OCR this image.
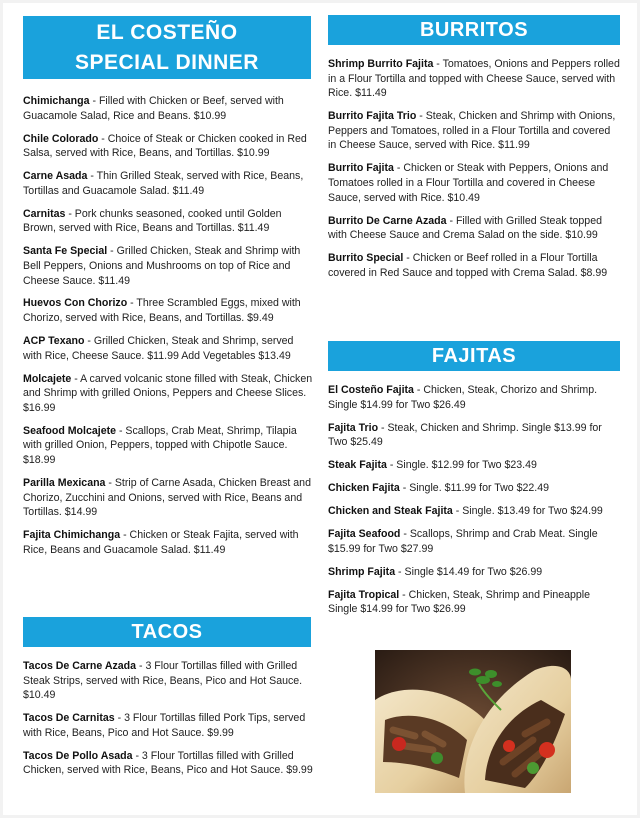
EL COSTEÑO
SPECIAL DINNER
Chimichanga - Filled with Chicken or Beef, served with Guacamole Salad, Rice and Beans. $10.99
Chile Colorado - Choice of Steak or Chicken cooked in Red Salsa, served with Rice, Beans, and Tortillas. $10.99
Carne Asada - Thin Grilled Steak, served with Rice, Beans, Tortillas and Guacamole Salad. $11.49
Carnitas - Pork chunks seasoned, cooked until Golden Brown, served with Rice, Beans and Tortillas. $11.49
Santa Fe Special - Grilled Chicken, Steak and Shrimp with Bell Peppers, Onions and Mushrooms on top of Rice and Cheese Sauce. $11.49
Huevos Con Chorizo - Three Scrambled Eggs, mixed with Chorizo, served with Rice, Beans, and Tortillas. $9.49
ACP Texano - Grilled Chicken, Steak and Shrimp, served with Rice, Cheese Sauce. $11.99 Add Vegetables $13.49
Molcajete - A carved volcanic stone filled with Steak, Chicken and Shrimp with grilled Onions, Peppers and Cheese Slices. $16.99
Seafood Molcajete - Scallops, Crab Meat, Shrimp, Tilapia with grilled Onion, Peppers, topped with Chipotle Sauce. $18.99
Parilla Mexicana - Strip of Carne Asada, Chicken Breast and Chorizo, Zucchini and Onions, served with Rice, Beans and Tortillas. $14.99
Fajita Chimichanga - Chicken or Steak Fajita, served with Rice, Beans and Guacamole Salad. $11.49
TACOS
Tacos De Carne Azada - 3 Flour Tortillas filled with Grilled Steak Strips, served with Rice, Beans, Pico and Hot Sauce. $10.49
Tacos De Carnitas - 3 Flour Tortillas filled Pork Tips, served with Rice, Beans, Pico and Hot Sauce. $9.99
Tacos De Pollo Asada - 3 Flour Tortillas filled with Grilled Chicken, served with Rice, Beans, Pico and Hot Sauce. $9.99
BURRITOS
Shrimp Burrito Fajita - Tomatoes, Onions and Peppers rolled in a Flour Tortilla and topped with Cheese Sauce, served with Rice. $11.49
Burrito Fajita Trio - Steak, Chicken and Shrimp with Onions, Peppers and Tomatoes, rolled in a Flour Tortilla and covered in Cheese Sauce, served with Rice. $11.99
Burrito Fajita - Chicken or Steak with Peppers, Onions and Tomatoes rolled in a Flour Tortilla and covered in Cheese Sauce, served with Rice. $10.49
Burrito De Carne Azada - Filled with Grilled Steak topped with Cheese Sauce and Crema Salad on the side. $10.99
Burrito Special - Chicken or Beef rolled in a Flour Tortilla covered in Red Sauce and topped with Crema Salad. $8.99
FAJITAS
El Costeño Fajita - Chicken, Steak, Chorizo and Shrimp. Single $14.99 for Two $26.49
Fajita Trio - Steak, Chicken and Shrimp. Single $13.99 for Two $25.49
Steak Fajita - Single. $12.99 for Two $23.49
Chicken Fajita - Single. $11.99 for Two $22.49
Chicken and Steak Fajita - Single. $13.49 for Two $24.99
Fajita Seafood - Scallops, Shrimp and Crab Meat. Single $15.99 for Two $27.99
Shrimp Fajita - Single $14.49 for Two $26.99
Fajita Tropical - Chicken, Steak, Shrimp and Pineapple Single $14.99 for Two $26.99
